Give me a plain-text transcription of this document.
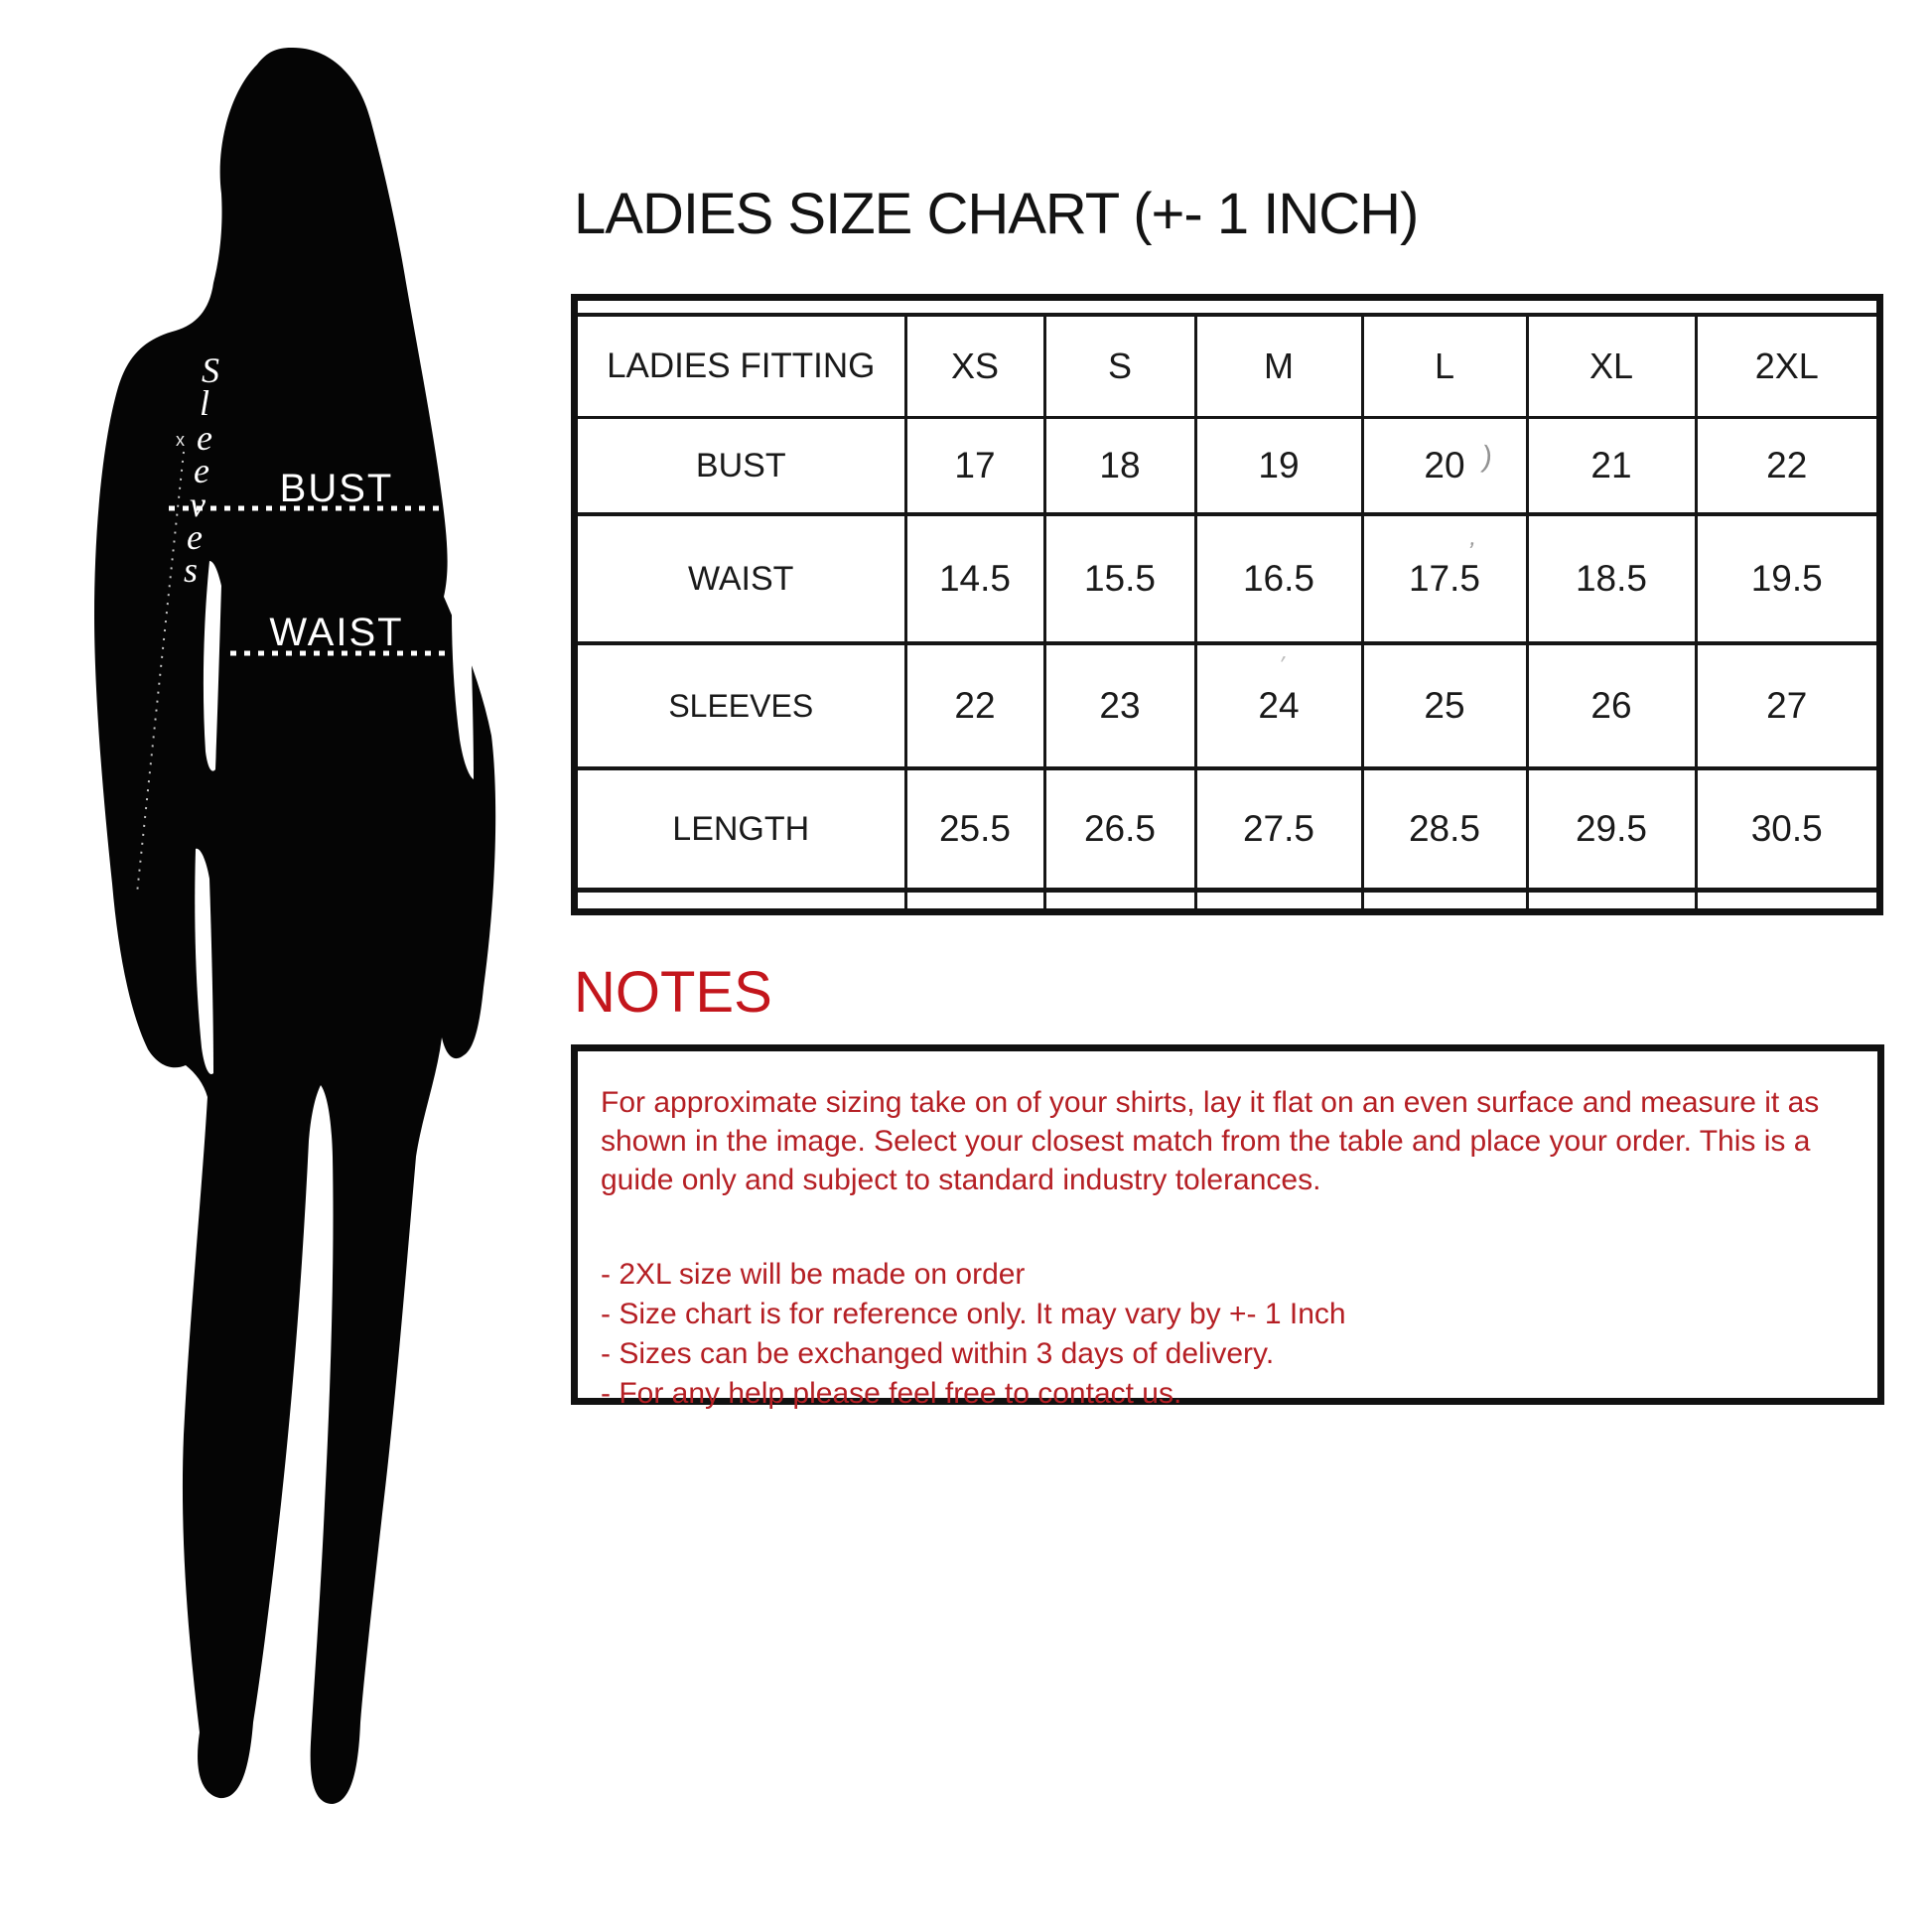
S
l
e
e
v
e
s
x
BUST
WAIST
LADIES SIZE CHART (+- 1 INCH)

LADIES FITTING	XS	S	M	L	XL	2XL
BUST	17	18	19	20	21	22
WAIST	14.5	15.5	16.5	17.5	18.5	19.5
SLEEVES	22	23	24	25	26	27
LENGTH	25.5	26.5	27.5	28.5	29.5	30.5

)
’
′
NOTES
For approximate sizing take on of your shirts, lay it flat on an even surface and measure it as
shown in the image. Select your closest match from the table and place your order. This is a
guide only and subject to standard industry tolerances.
- 2XL size will be made on order
- Size chart is for reference only. It may vary by +- 1 Inch
- Sizes can be exchanged within 3 days of delivery.
- For any help please feel free to contact us.
